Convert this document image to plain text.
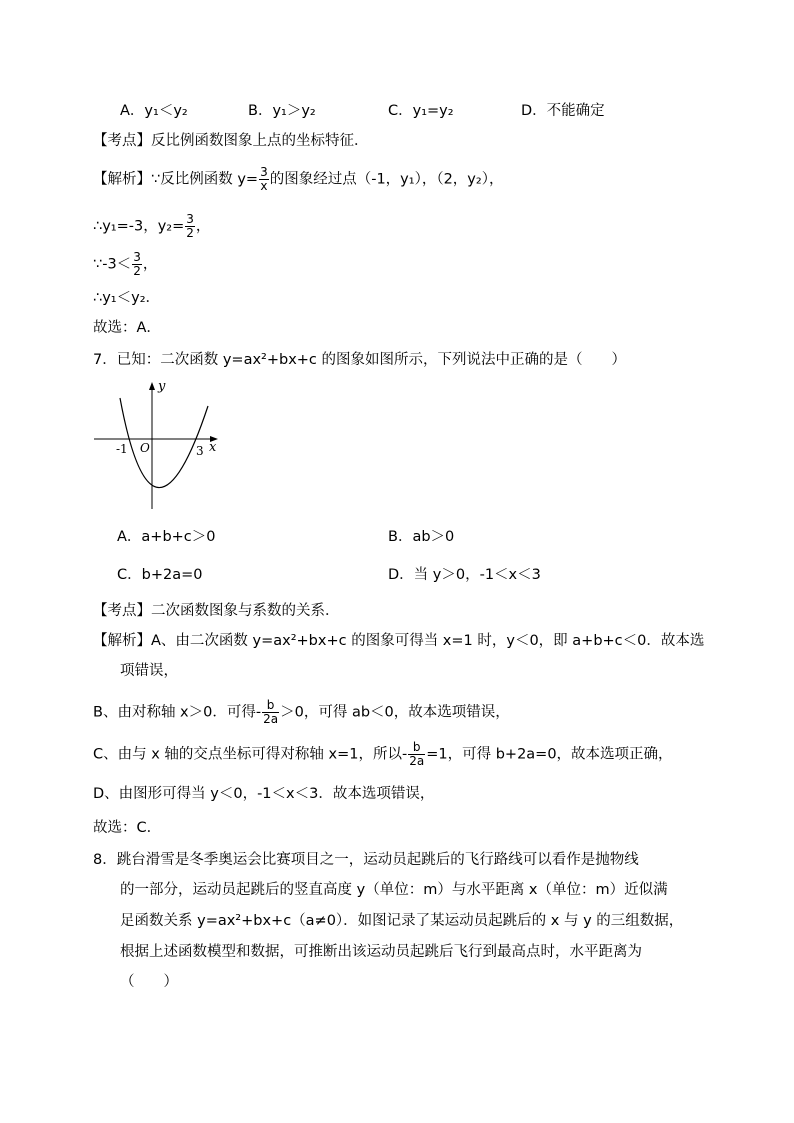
A．y₁＜y₂	B．y₁＞y₂	C．y₁=y₂	D．不能确定
【考点】反比例函数图象上点的坐标特征．
【解析】∵反比例函数 $y= \frac{3}{x}$ 的图象经过点（-1，y₁），（2，y₂），
∴y₁=-3，$y_2= \frac{3}{2}$ ，
∵-3＜ $\frac{3}{2}$ ，
∴y₁＜y₂．
故选：A．
7．已知：二次函数 y=ax²+bx+c 的图象如图所示，下列说法中正确的是（　　）
y
x
O
-1	3
A．a+b+c＞0	B．ab＞0
C．b+2a=0	D．当 y＞0，-1＜x＜3
【考点】二次函数图象与系数的关系．
【解析】A、由二次函数 y=ax²+bx+c 的图象可得当 x=1 时，y＜0，即 a+b+c＜0．故本选
项错误，
B、由对称轴 x＞0．可得- $\frac{b}{2a} >0$，可得 ab＜0，故本选项错误，
C、由与 x 轴的交点坐标可得对称轴 x=1，所以- $\frac{b}{2a} =1$，可得 b+2a=0，故本选项正确，
D、由图形可得当 y＜0，-1＜x＜3．故本选项错误，
故选：C．
8．跳台滑雪是冬季奥运会比赛项目之一，运动员起跳后的飞行路线可以看作是抛物线
的一部分，运动员起跳后的竖直高度 y（单位：m）与水平距离 x（单位：m）近似满
足函数关系 y=ax²+bx+c（a≠0）．如图记录了某运动员起跳后的 x 与 y 的三组数据，
根据上述函数模型和数据，可推断出该运动员起跳后飞行到最高点时，水平距离为
（　　）
